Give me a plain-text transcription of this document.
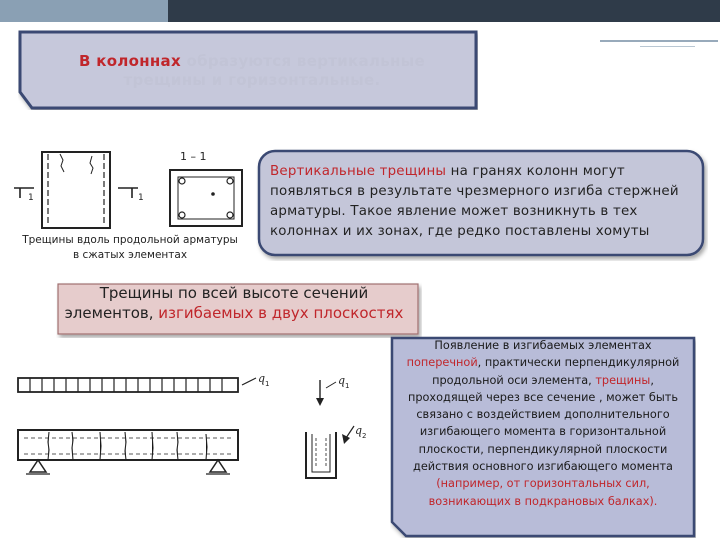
В колоннах образуются вертикальные трещины и горизонтальные.
1	1
1 – 1
Трещины вдоль продольной арматуры
в сжатых элементах
Вертикальные трещины на гранях колонн могут появляться в результате чрезмерного изгиба стержней арматуры. Такое явление может возникнуть в тех колоннах и их зонах, где редко поставлены хомуты
Трещины по всей высоте сечений элементов, изгибаемых в двух плоскостях
q 1	q 1
q 2
Появление в изгибаемых элементах поперечной, практически перпендикулярной продольной оси элемента, трещины, проходящей через все сечение , может быть связано с воздействием дополнительного изгибающего момента в горизонтальной плоскости, перпендикулярной плоскости действия основного изгибающего момента (например, от горизонтальных сил, возникающих в подкрановых балках).
